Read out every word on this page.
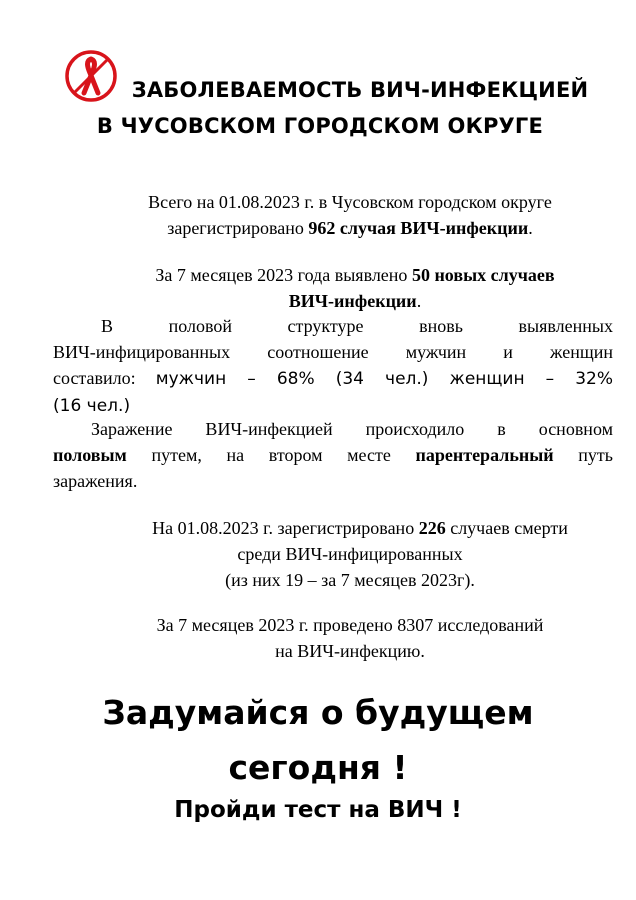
ЗАБОЛЕВАЕМОСТЬ ВИЧ-ИНФЕКЦИЕЙ
В ЧУСОВСКОМ ГОРОДСКОМ ОКРУГЕ
Всего на 01.08.2023 г. в Чусовском городском округе
зарегистрировано 962 случая ВИЧ-инфекции.
За 7 месяцев 2023 года выявлено 50 новых случаев
ВИЧ-инфекции.
В половой структуре вновь выявленных
ВИЧ-инфицированных соотношение мужчин и женщин
составило: мужчин – 68% (34 чел.) женщин – 32%
(16 чел.)
Заражение ВИЧ-инфекцией происходило в основном
половым путем, на втором месте парентеральный путь
заражения.
На 01.08.2023 г. зарегистрировано 226 случаев смерти
среди ВИЧ-инфицированных
(из них 19 – за 7 месяцев 2023г).
За 7 месяцев 2023 г. проведено 8307 исследований
на ВИЧ-инфекцию.
Задумайся о будущем
сегодня !
Пройди тест на ВИЧ !
